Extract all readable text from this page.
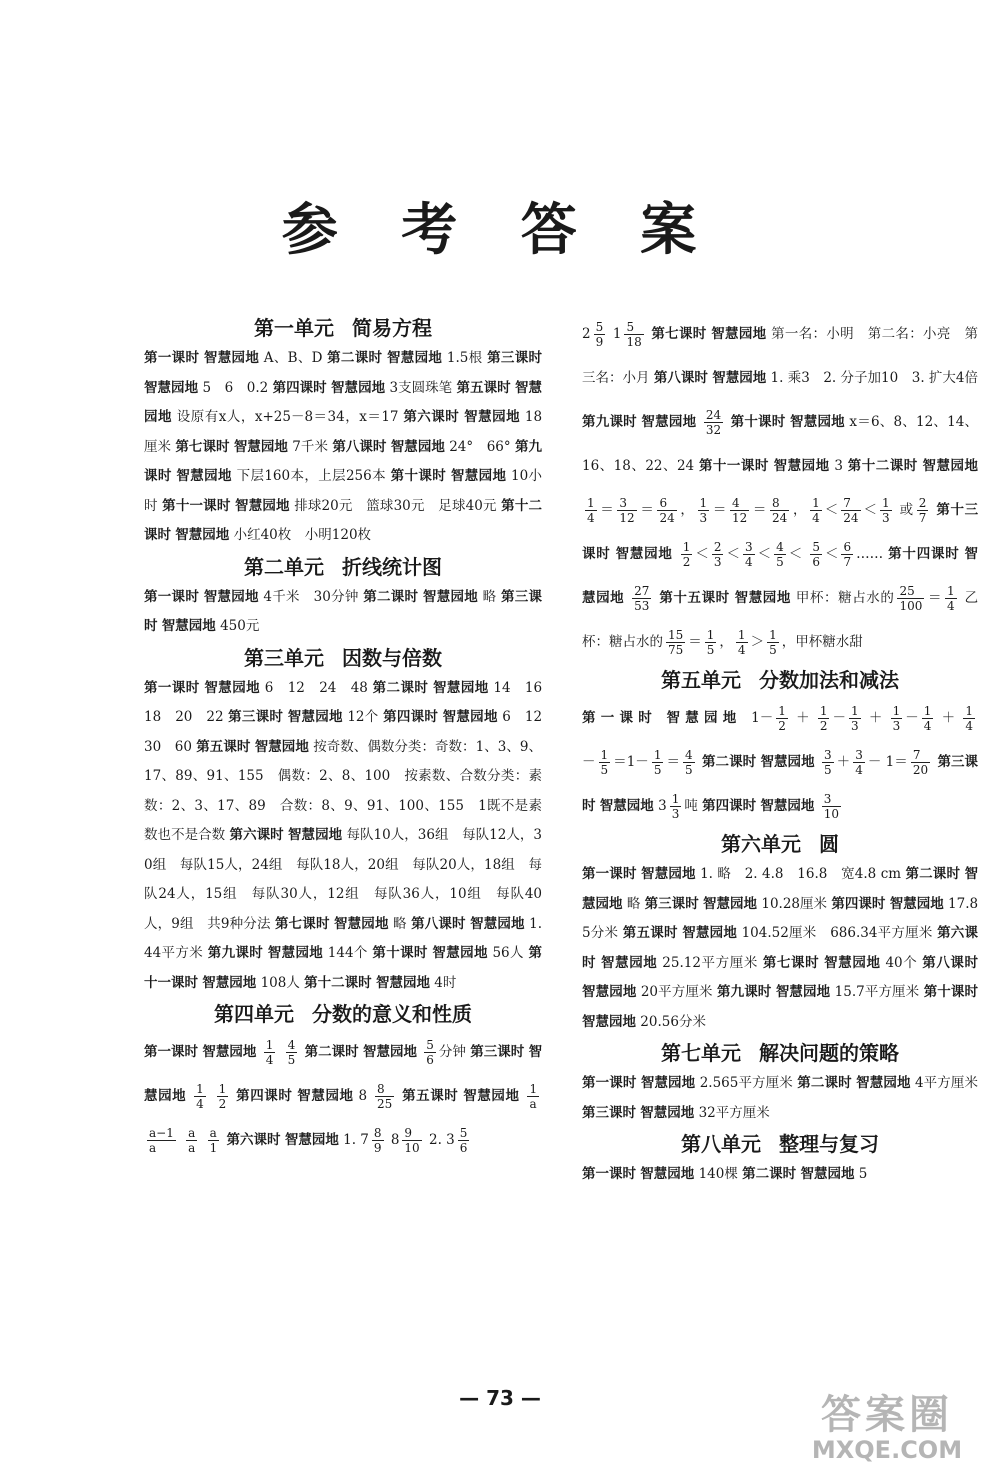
参 考 答 案
第一单元 简易方程

第一课时 智慧园地 A、B、D 第二课时 智慧园地 1.5根 第三课时 智慧园地 5　6　0.2 第四课时 智慧园地 3支圆珠笔 第五课时 智慧园地 设原有x人，x+25－8＝34，x＝17 第六课时 智慧园地 18厘米 第七课时 智慧园地 7千米 第八课时 智慧园地 24°　66° 第九课时 智慧园地 下层160本，上层256本 第十课时 智慧园地 10小时 第十一课时 智慧园地 排球20元　篮球30元　足球40元 第十二课时 智慧园地 小红40枚　小明120枚

第二单元 折线统计图

第一课时 智慧园地 4千米　30分钟 第二课时 智慧园地 略 第三课时 智慧园地 450元

第三单元 因数与倍数

第一课时 智慧园地 6　12　24　48 第二课时 智慧园地 14　16　18　20　22 第三课时 智慧园地 12个 第四课时 智慧园地 6　12　30　60 第五课时 智慧园地 按奇数、偶数分类：奇数：1、3、9、17、89、91、155　偶数：2、8、100　按素数、合数分类：素数：2、3、17、89　合数：8、9、91、100、155　1既不是素数也不是合数 第六课时 智慧园地 每队10人，36组　每队12人，30组　每队15人，24组　每队18人，20组　每队20人，18组　每队24人，15组　每队30人，12组　每队36人，10组　每队40人，9组　共9种分法 第七课时 智慧园地 略 第八课时 智慧园地 1.44平方米 第九课时 智慧园地 144个 第十课时 智慧园地 56人 第十一课时 智慧园地 108人 第十二课时 智慧园地 4时

第四单元 分数的意义和性质

第一课时 智慧园地 $\frac{1}{4}$
$\frac{4}{5}$ 第二课时 智慧园地 $\frac{5}{6}$ 分钟 第三课时 智慧园地 $\frac{1}{4}$
$\frac{1}{2}$ 第四课时 智慧园地 $8 \frac{8}{25}$ 第五课时 智慧园地 $\frac{1}{a}$

$\frac{a-1}{a}$
$\frac{a}{a}$
$\frac{a}{1}$ 第六课时 智慧园地 1. $7 \frac{8}{9} 8 \frac{9}{10} 2$. $3 \frac{5}{6}$

$2 \frac{5}{9} 1 \frac{5}{18}$ 第七课时 智慧园地 第一名：小明　第二名：小亮　第三名：小月 第八课时 智慧园地 1. 乘3　2. 分子加10　3. 扩大4倍 第九课时 智慧园地 $\frac{24}{32}$ 第十课时 智慧园地 x＝6、8、12、14、16、18、22、24 第十一课时 智慧园地 3 第十二课时 智慧园地
$\frac{1}{4} = \frac{3}{12} = \frac{6}{24}$ ， $\frac{1}{3} = \frac{4}{12} = \frac{8}{24}$ ， $\frac{1}{4} < \frac{7}{24} < \frac{1}{3}$ 或 $\frac{2}{7}$ 第十三课时 智慧园地 $\frac{1}{2} < \frac{2}{3} < \frac{3}{4} < \frac{4}{5} < \frac{5}{6} < \frac{6}{7}$ …… 第十四课时 智慧园地 $\frac{27}{53}$ 第十五课时 智慧园地 甲杯：糖占水的 $\frac{25}{100} = \frac{1}{4}$ 乙杯：糖占水的 $\frac{15}{75} = \frac{1}{5}$ ， $\frac{1}{4} > \frac{1}{5}$ ，甲杯糖水甜

第五单元 分数加法和减法

第一课时 智慧园地 $1- \frac{1}{2} + \frac{1}{2} - \frac{1}{3} + \frac{1}{3} - \frac{1}{4} + \frac{1}{4}$
－ $\frac{1}{5} =1- \frac{1}{5} = \frac{4}{5}$ 第二课时 智慧园地 $\frac{3}{5} + \frac{3}{4} - 1= \frac{7}{20}$ 第三课时 智慧园地 $3 \frac{1}{3}$ 吨 第四课时 智慧园地 $\frac{3}{10}$

第六单元 圆

第一课时 智慧园地 1. 略　2. 4.8　16.8　宽4.8 cm 第二课时 智慧园地 略 第三课时 智慧园地 10.28厘米 第四课时 智慧园地 17.85分米 第五课时 智慧园地 104.52厘米　686.34平方厘米 第六课时 智慧园地 25.12平方厘米 第七课时 智慧园地 40个 第八课时 智慧园地 20平方厘米 第九课时 智慧园地 15.7平方厘米 第十课时 智慧园地 20.56分米

第七单元 解决问题的策略

第一课时 智慧园地 2.565平方厘米 第二课时 智慧园地 4平方厘米 第三课时 智慧园地 32平方厘米

第八单元 整理与复习

第一课时 智慧园地 140棵 第二课时 智慧园地 5

— 73 —	答案圈
MXQE.COM
